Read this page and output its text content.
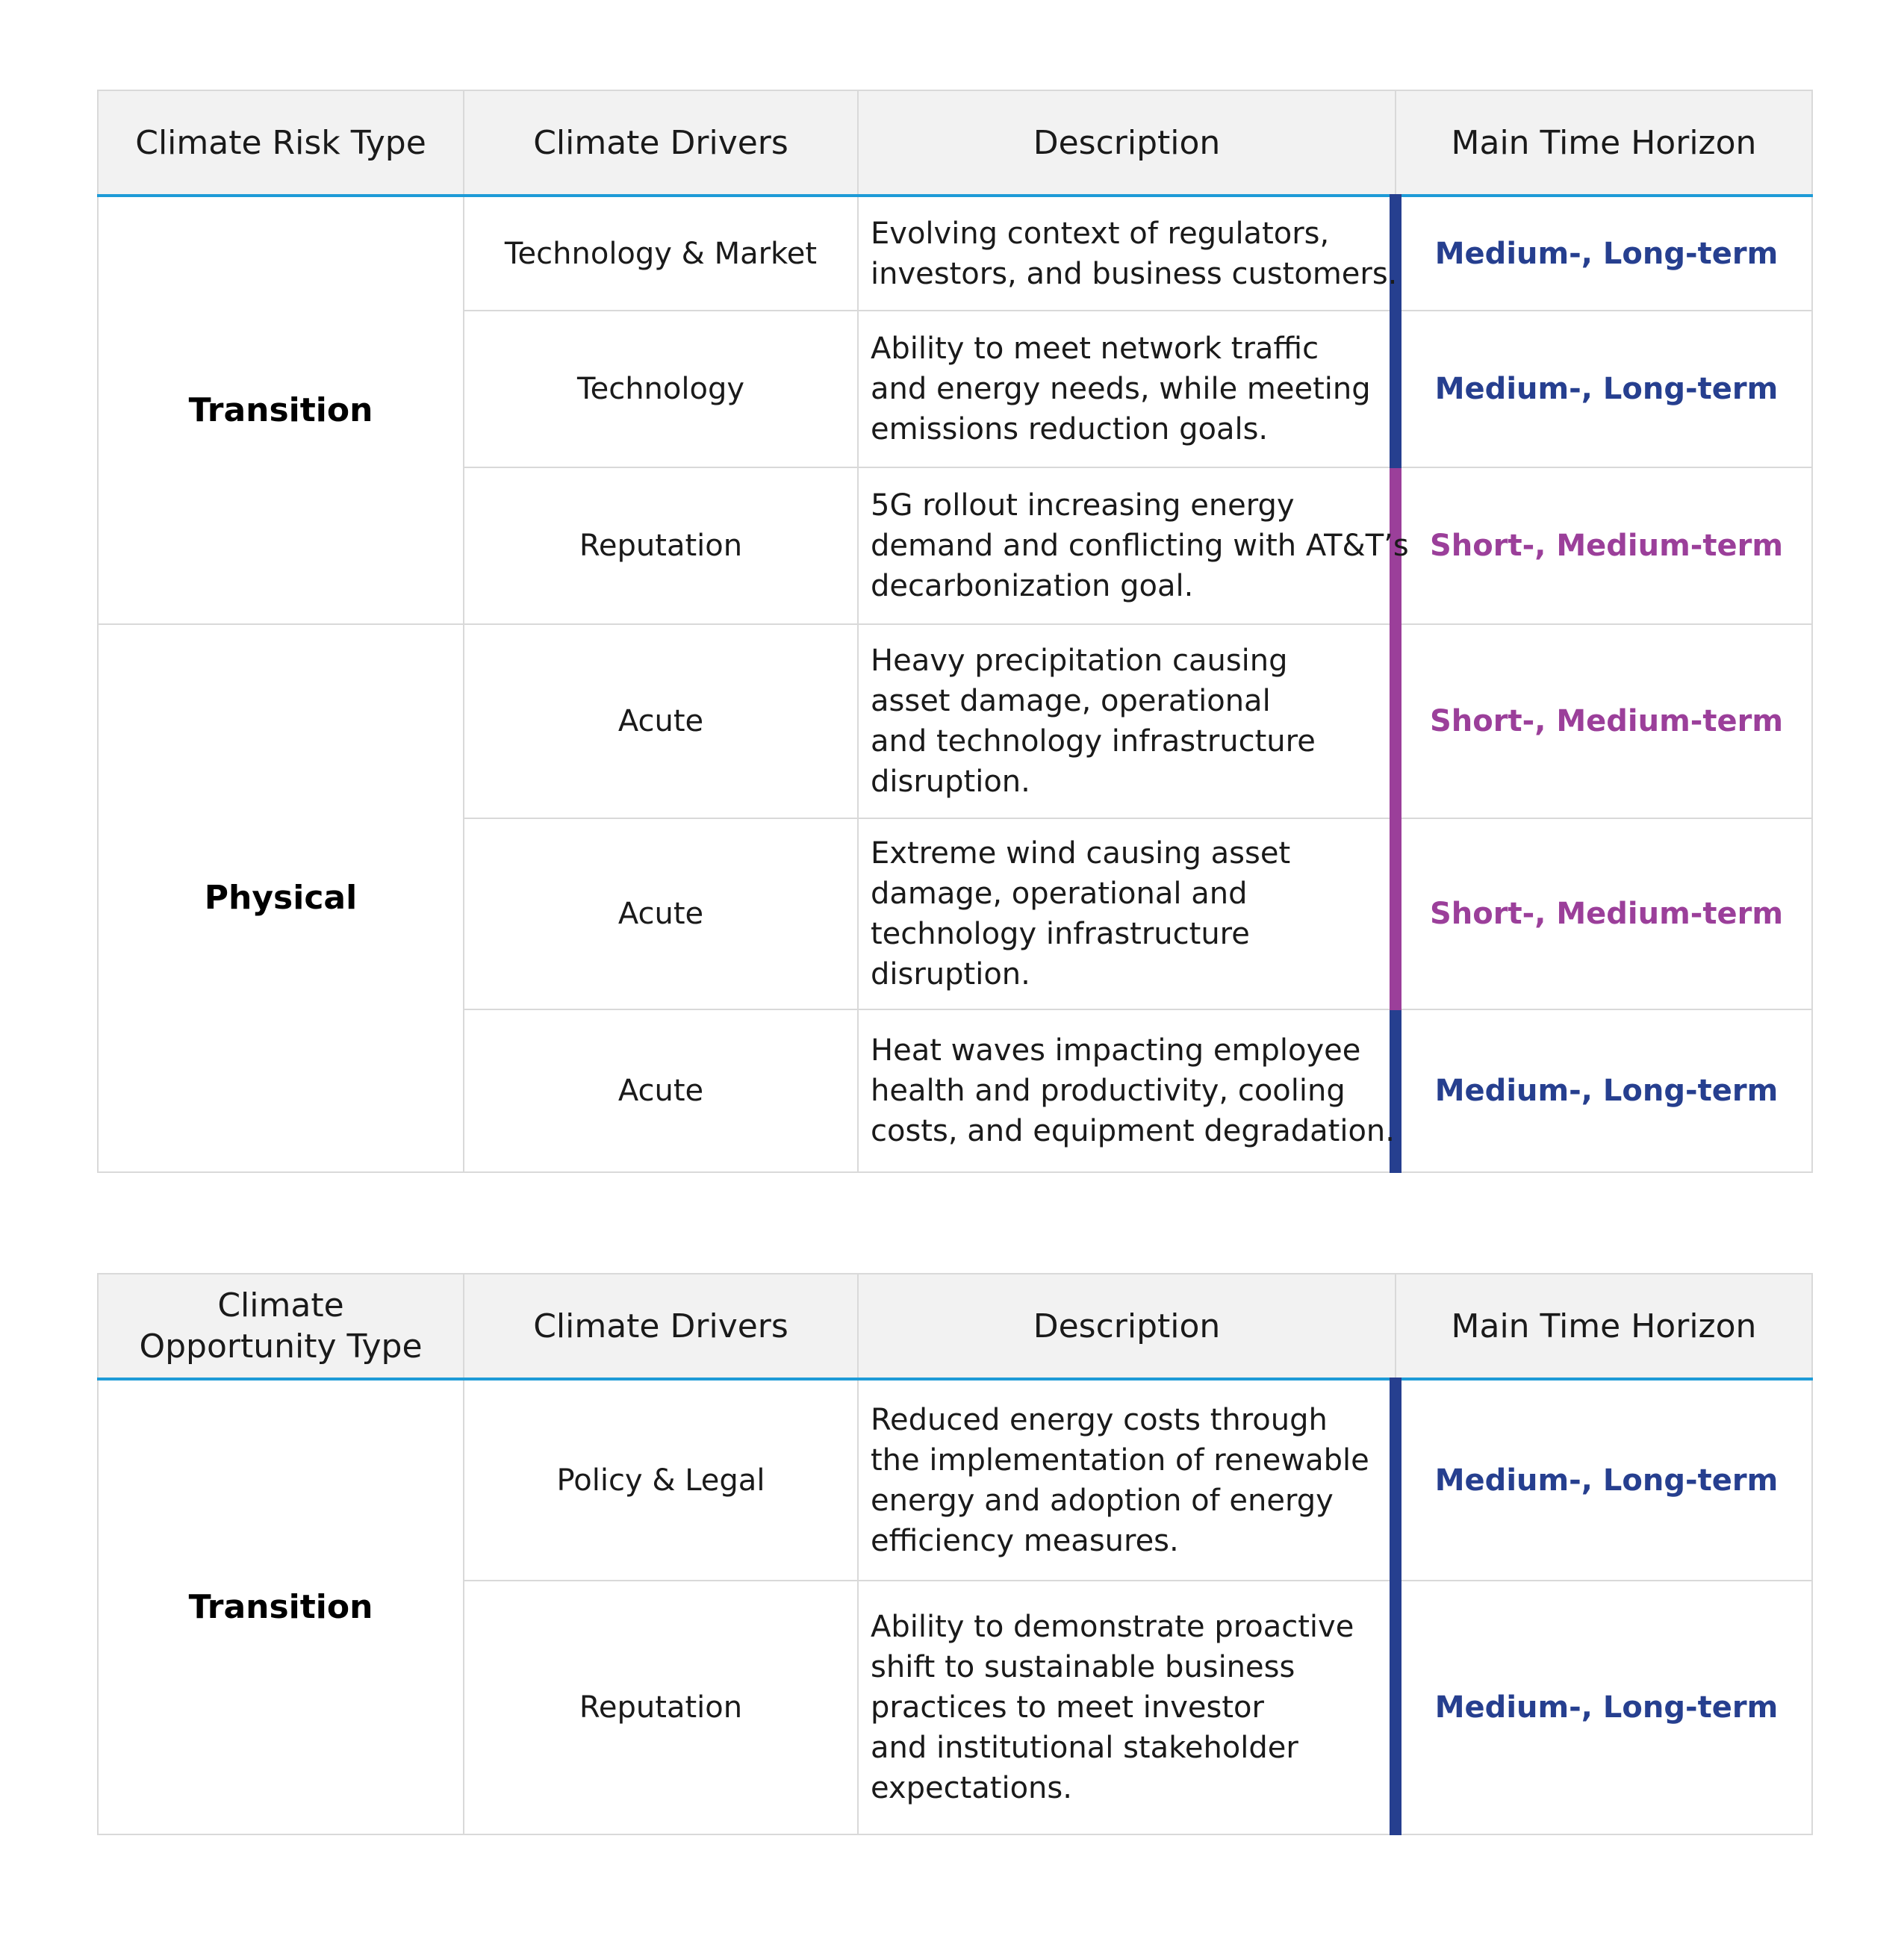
Climate Risk Type	Climate Drivers	Description	Main Time Horizon
Transition	Technology & Market	Evolving context of regulators,
investors, and business customers.	Medium-, Long-term
	Technology	Ability to meet network traffic
and energy needs, while meeting
emissions reduction goals.	Medium-, Long-term
	Reputation	5G rollout increasing energy
demand and conflicting with AT&T’s
decarbonization goal.	Short-, Medium-term
Physical	Acute	Heavy precipitation causing
asset damage, operational
and technology infrastructure
disruption.	Short-, Medium-term
	Acute	Extreme wind causing asset
damage, operational and
technology infrastructure
disruption.	Short-, Medium-term
	Acute	Heat waves impacting employee
health and productivity, cooling
costs, and equipment degradation.	Medium-, Long-term
Climate
Opportunity Type	Climate Drivers	Description	Main Time Horizon
Transition	Policy & Legal	Reduced energy costs through
the implementation of renewable
energy and adoption of energy
efficiency measures.	Medium-, Long-term
	Reputation	Ability to demonstrate proactive
shift to sustainable business
practices to meet investor
and institutional stakeholder
expectations.	Medium-, Long-term
